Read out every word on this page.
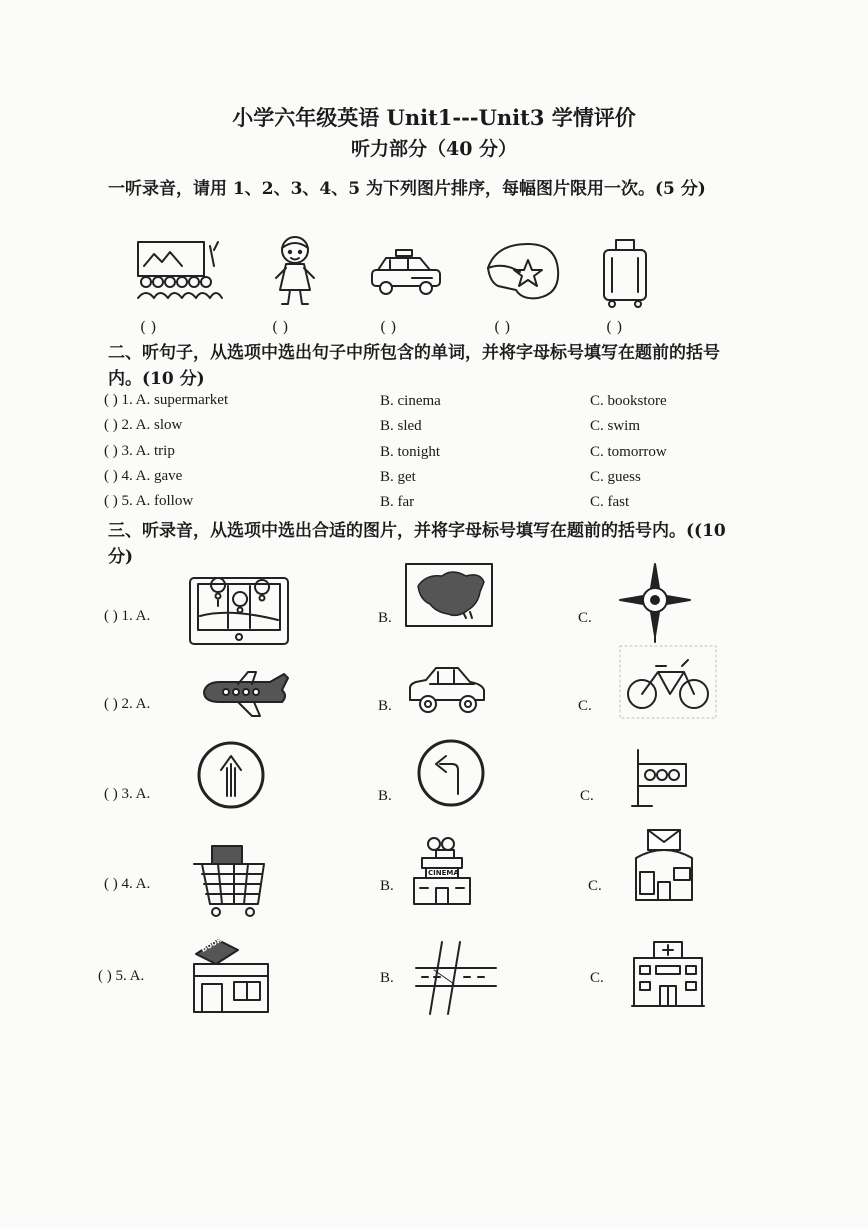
小学六年级英语 Unit1---Unit3 学情评价
听力部分（40 分）
一听录音，请用 1、2、3、4、5 为下列图片排序，每幅图片限用一次。(5 分)
( )	( )	( )	( )	( )
二、听句子，从选项中选出句子中所包含的单词，并将字母标号填写在题前的括号内。(10 分)
( ) 1. A. supermarket	B. cinema	C. bookstore
( ) 2. A. slow	B. sled	C. swim
( ) 3. A. trip	B. tonight	C. tomorrow
( ) 4. A. gave	B. get	C. guess
( ) 5. A. follow	B. far	C. fast
三、听录音，从选项中选出合适的图片，并将字母标号填写在题前的括号内。((10 分)
( ) 1. A.	B.	C.
( ) 2. A.	B.	C.
( ) 3. A.	B.	C.
( ) 4. A.	B.	C.
CINEMA
( ) 5. A.	B.	C.
Book
